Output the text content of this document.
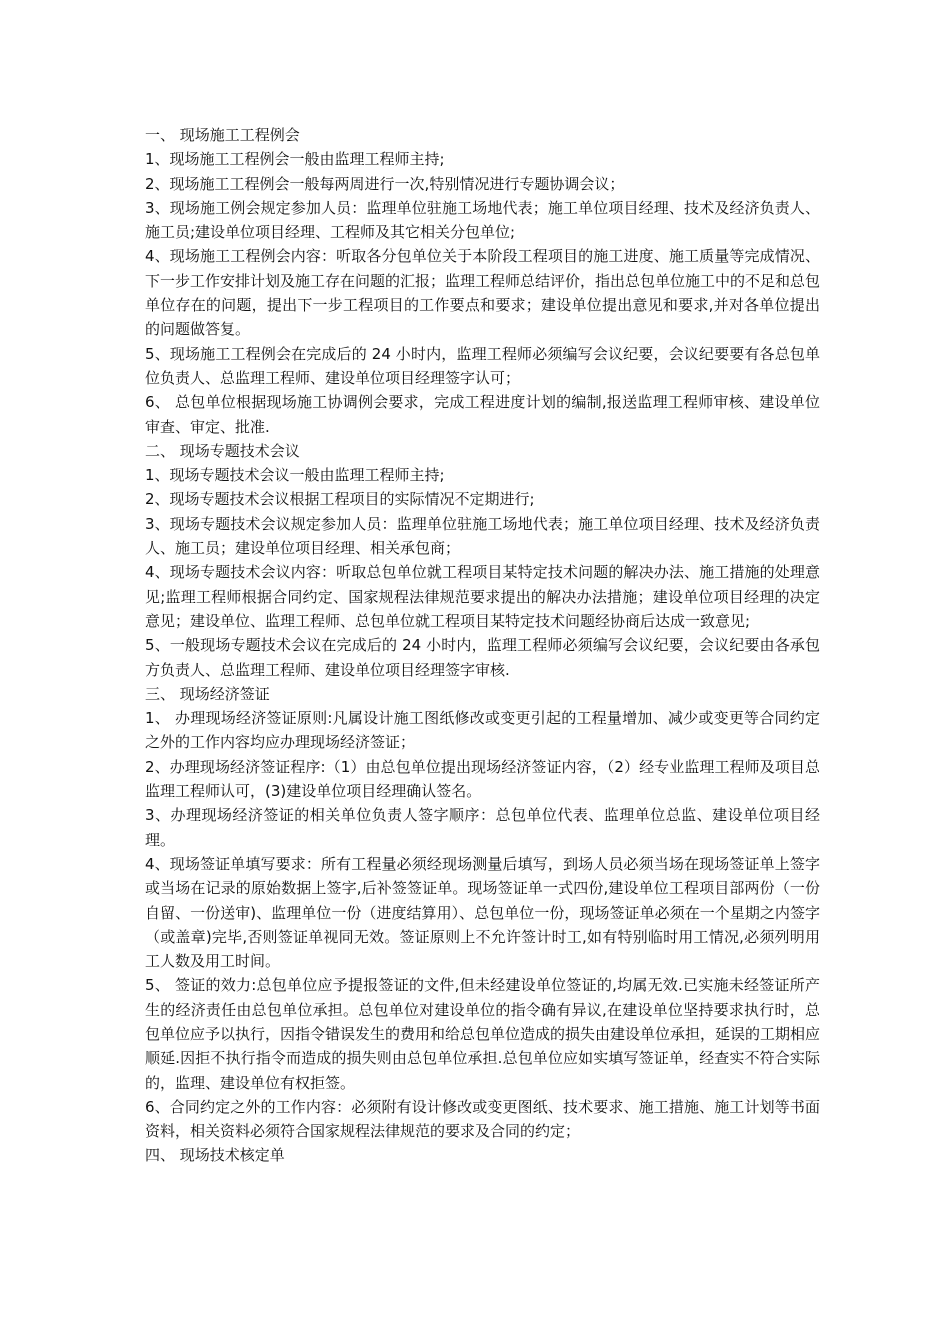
一、 现场施工工程例会

1、现场施工工程例会一般由监理工程师主持;

2、现场施工工程例会一般每两周进行一次,特别情况进行专题协调会议；

3、现场施工例会规定参加人员：监理单位驻施工场地代表；施工单位项目经理、技术及经济负责人、施工员;建设单位项目经理、工程师及其它相关分包单位;

4、现场施工工程例会内容：听取各分包单位关于本阶段工程项目的施工进度、施工质量等完成情况、下一步工作安排计划及施工存在问题的汇报；监理工程师总结评价，指出总包单位施工中的不足和总包单位存在的问题，提出下一步工程项目的工作要点和要求；建设单位提出意见和要求,并对各单位提出的问题做答复。

5、现场施工工程例会在完成后的 24 小时内，监理工程师必须编写会议纪要，会议纪要要有各总包单位负责人、总监理工程师、建设单位项目经理签字认可；

6、 总包单位根据现场施工协调例会要求，完成工程进度计划的编制,报送监理工程师审核、建设单位审查、审定、批准.

二、 现场专题技术会议

1、现场专题技术会议一般由监理工程师主持;

2、现场专题技术会议根据工程项目的实际情况不定期进行;

3、现场专题技术会议规定参加人员：监理单位驻施工场地代表；施工单位项目经理、技术及经济负责人、施工员；建设单位项目经理、相关承包商；

4、现场专题技术会议内容：听取总包单位就工程项目某特定技术问题的解决办法、施工措施的处理意见;监理工程师根据合同约定、国家规程法律规范要求提出的解决办法措施；建设单位项目经理的决定意见；建设单位、监理工程师、总包单位就工程项目某特定技术问题经协商后达成一致意见;

5、一般现场专题技术会议在完成后的 24 小时内，监理工程师必须编写会议纪要，会议纪要由各承包方负责人、总监理工程师、建设单位项目经理签字审核.

三、 现场经济签证

1、 办理现场经济签证原则:凡属设计施工图纸修改或变更引起的工程量增加、减少或变更等合同约定之外的工作内容均应办理现场经济签证；

2、办理现场经济签证程序:（1）由总包单位提出现场经济签证内容，（2）经专业监理工程师及项目总监理工程师认可，(3)建设单位项目经理确认签名。

3、办理现场经济签证的相关单位负责人签字顺序：总包单位代表、监理单位总监、建设单位项目经理。

4、现场签证单填写要求：所有工程量必须经现场测量后填写，到场人员必须当场在现场签证单上签字或当场在记录的原始数据上签字,后补签签证单。现场签证单一式四份,建设单位工程项目部两份（一份自留、一份送审)、监理单位一份（进度结算用）、总包单位一份，现场签证单必须在一个星期之内签字（或盖章)完毕,否则签证单视同无效。签证原则上不允许签计时工,如有特别临时用工情况,必须列明用工人数及用工时间。

5、 签证的效力:总包单位应予提报签证的文件,但未经建设单位签证的,均属无效.已实施未经签证所产生的经济责任由总包单位承担。总包单位对建设单位的指令确有异议,在建设单位坚持要求执行时，总包单位应予以执行，因指令错误发生的费用和给总包单位造成的损失由建设单位承担，延误的工期相应顺延.因拒不执行指令而造成的损失则由总包单位承担.总包单位应如实填写签证单，经查实不符合实际的，监理、建设单位有权拒签。

6、合同约定之外的工作内容：必须附有设计修改或变更图纸、技术要求、施工措施、施工计划等书面资料，相关资料必须符合国家规程法律规范的要求及合同的约定；

四、 现场技术核定单
